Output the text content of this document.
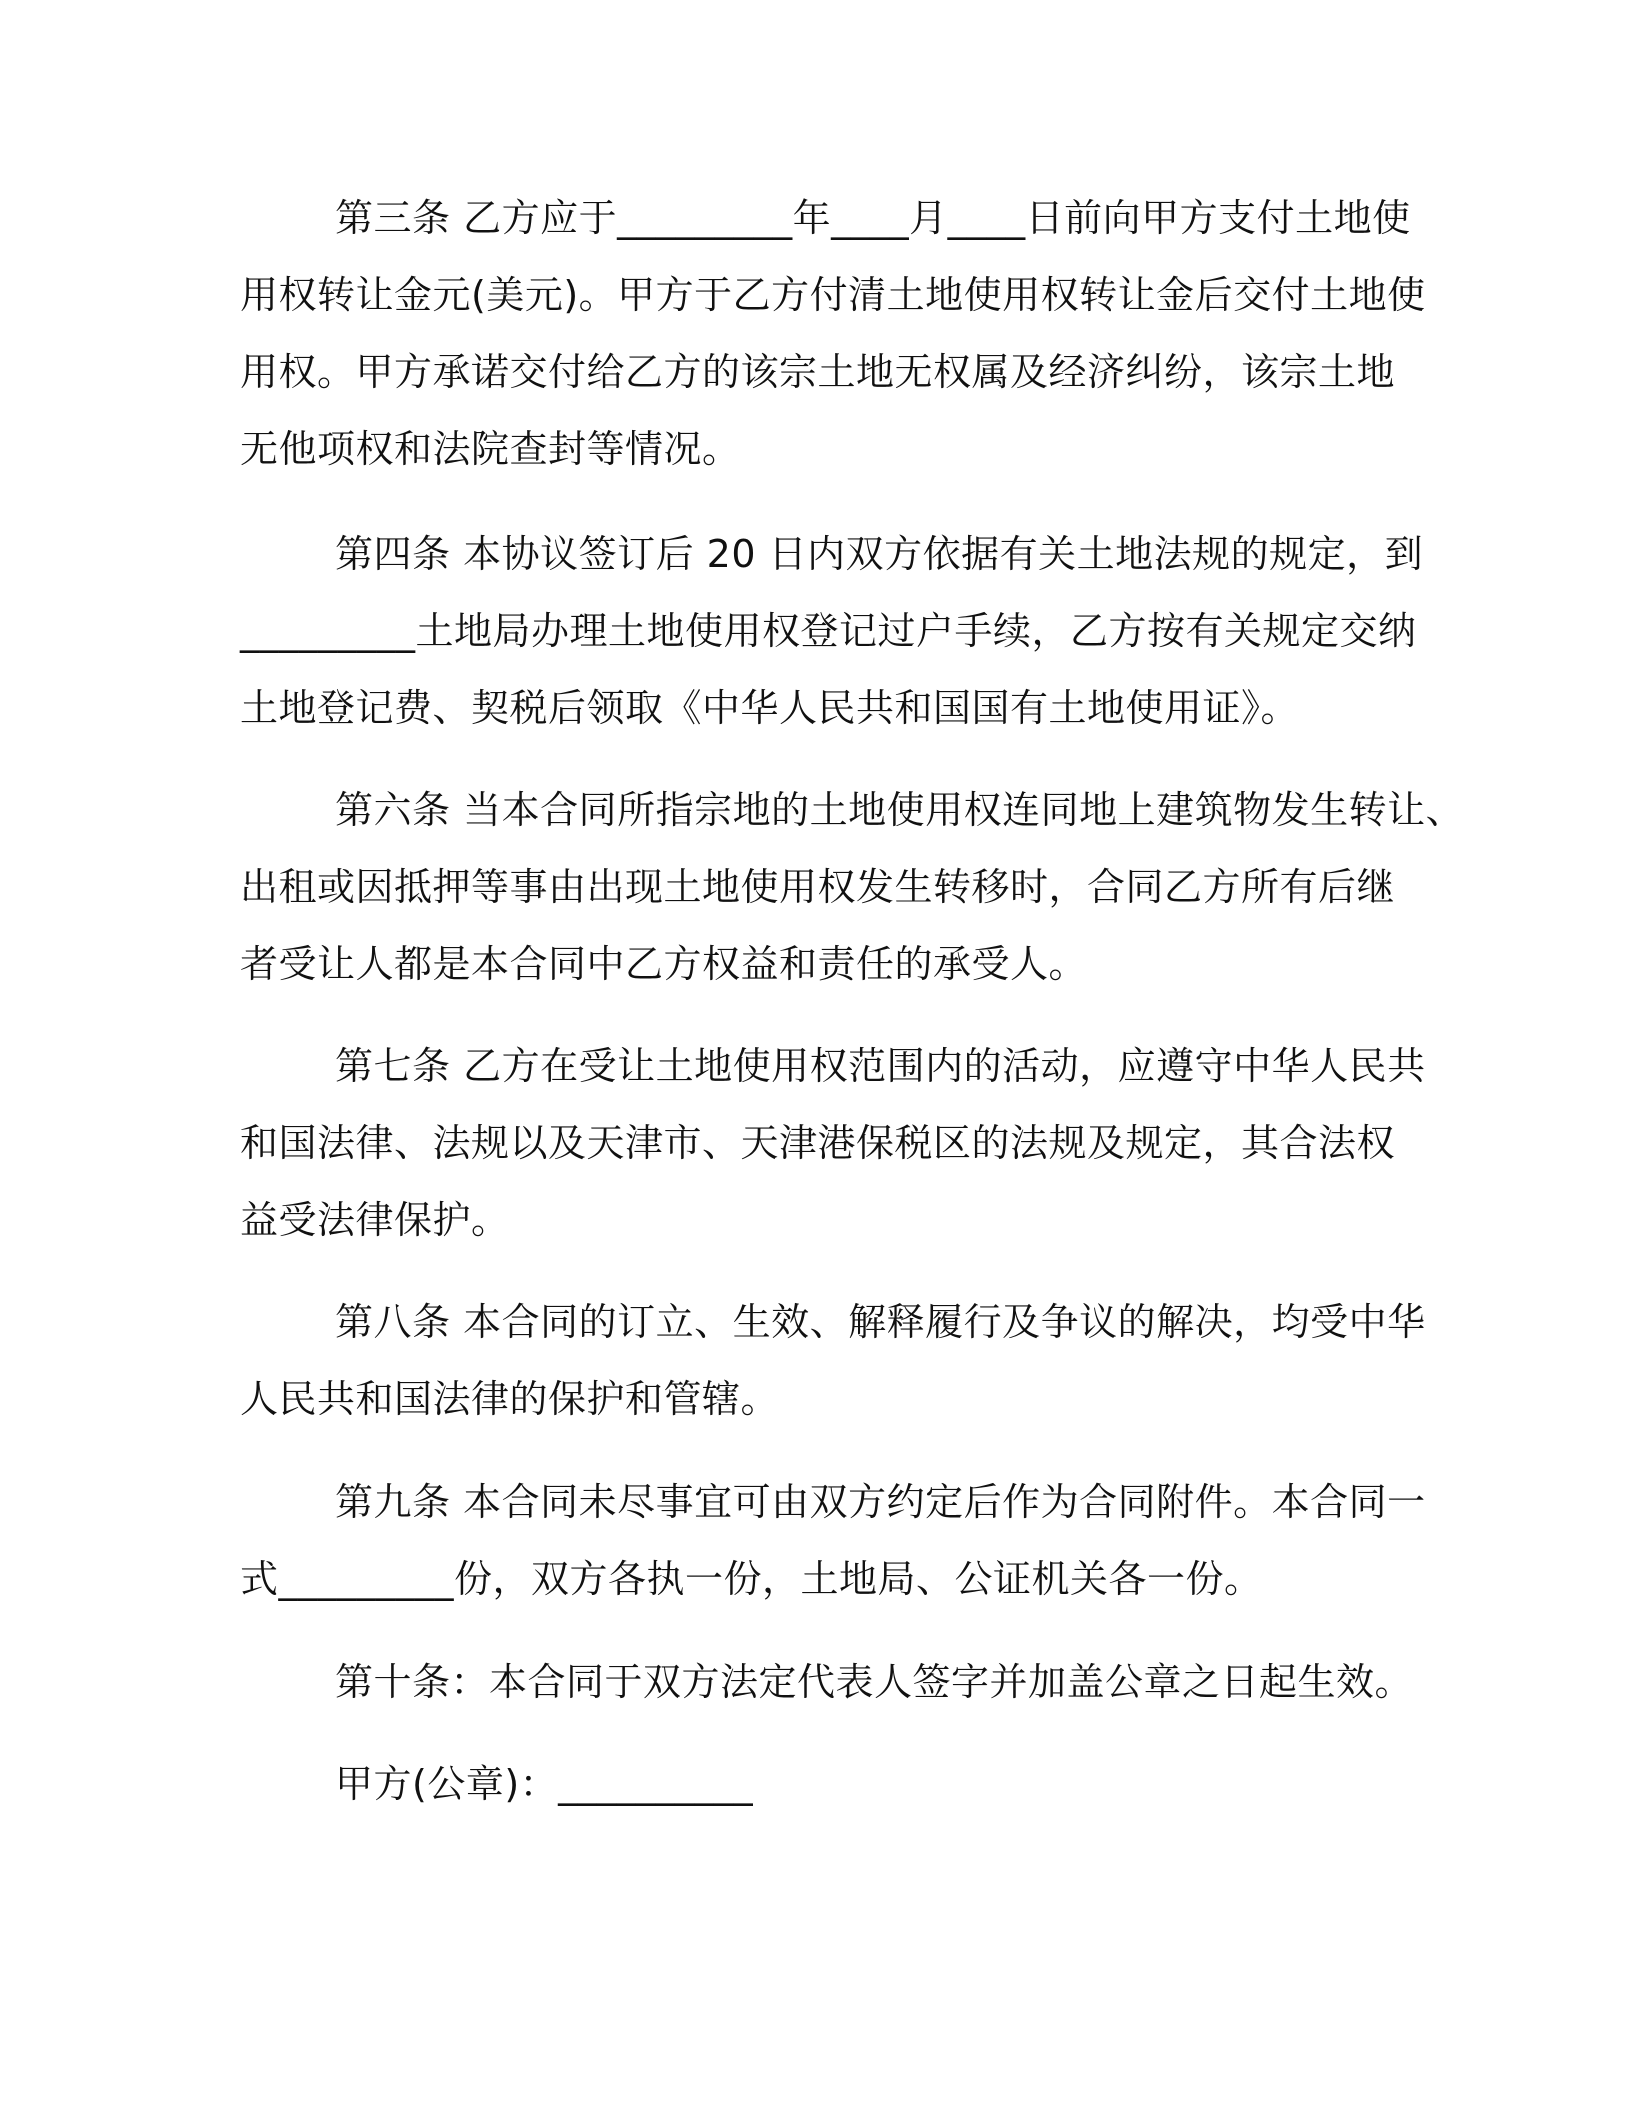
第三条 乙方应于_________年____月____日前向甲方支付土地使
用权转让金元(美元)。甲方于乙方付清土地使用权转让金后交付土地使
用权。甲方承诺交付给乙方的该宗土地无权属及经济纠纷，该宗土地
无他项权和法院查封等情况。
第四条 本协议签订后 20 日内双方依据有关土地法规的规定，到
_________土地局办理土地使用权登记过户手续，乙方按有关规定交纳
土地登记费、契税后领取《中华人民共和国国有土地使用证》。
第六条 当本合同所指宗地的土地使用权连同地上建筑物发生转让、
出租或因抵押等事由出现土地使用权发生转移时，合同乙方所有后继
者受让人都是本合同中乙方权益和责任的承受人。
第七条 乙方在受让土地使用权范围内的活动，应遵守中华人民共
和国法律、法规以及天津市、天津港保税区的法规及规定，其合法权
益受法律保护。
第八条 本合同的订立、生效、解释履行及争议的解决，均受中华
人民共和国法律的保护和管辖。
第九条 本合同未尽事宜可由双方约定后作为合同附件。本合同一
式_________份，双方各执一份，土地局、公证机关各一份。
第十条：本合同于双方法定代表人签字并加盖公章之日起生效。
甲方(公章)：__________
